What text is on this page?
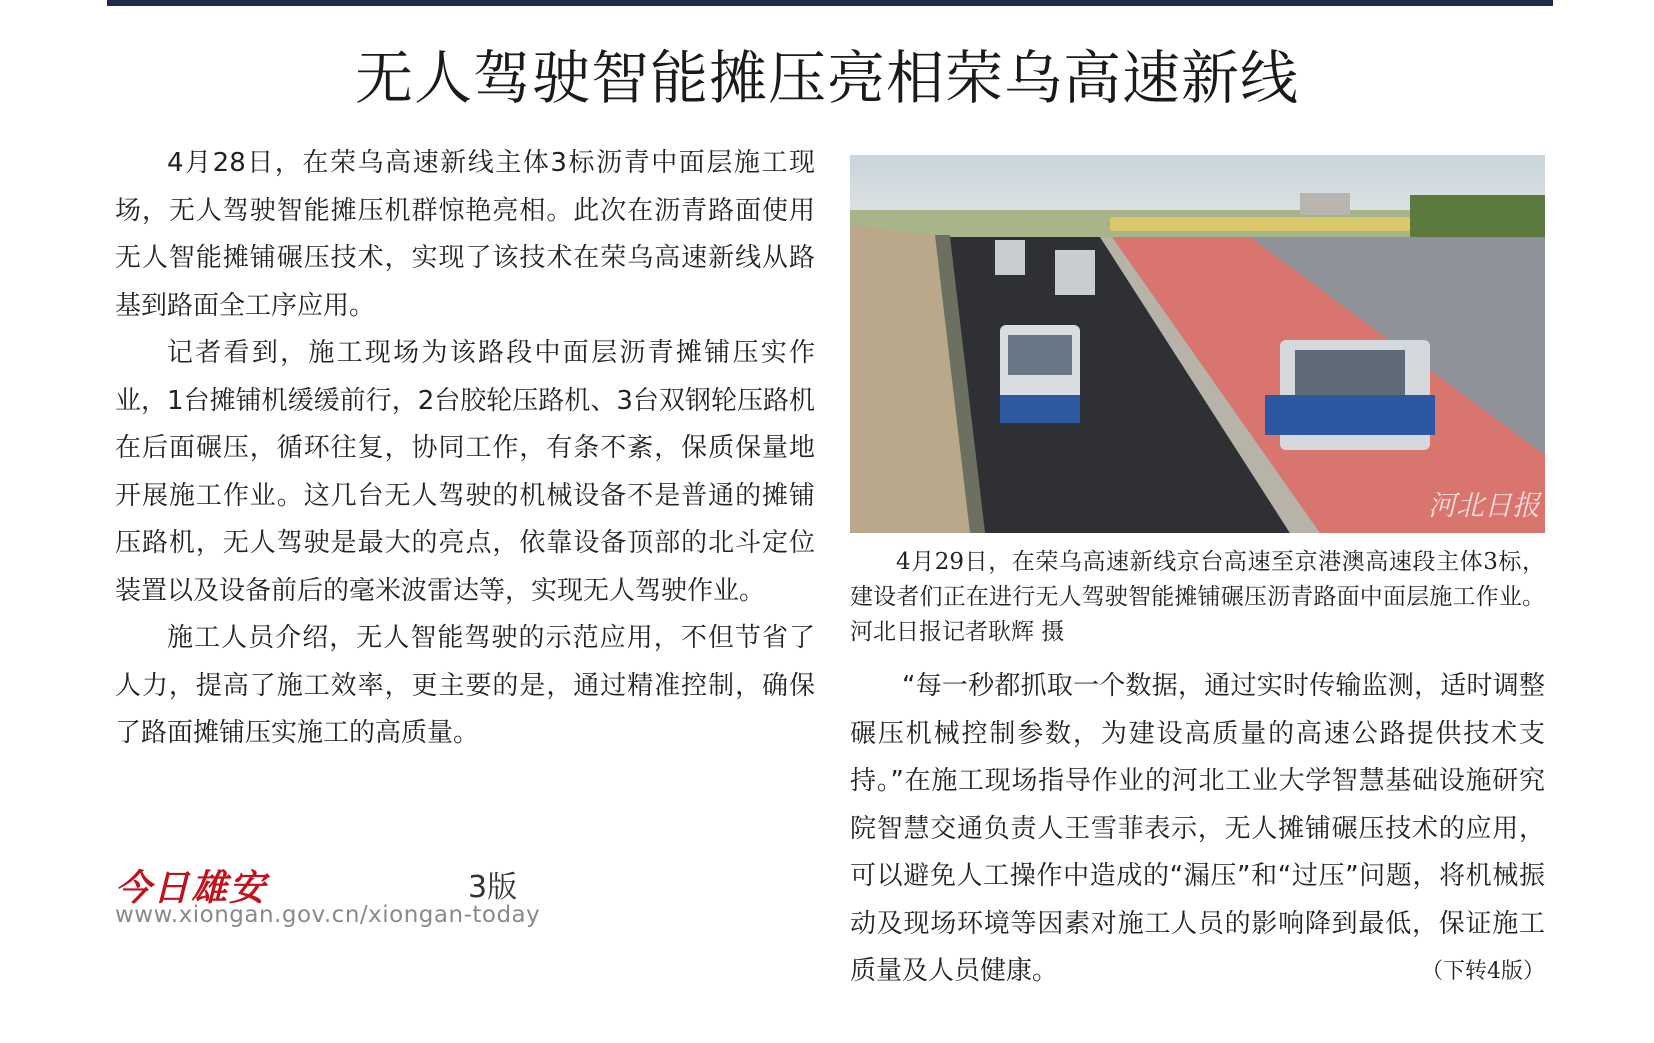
无人驾驶智能摊压亮相荣乌高速新线

4月28日，在荣乌高速新线主体3标沥青中面层施工现场，无人驾驶智能摊压机群惊艳亮相。此次在沥青路面使用无人智能摊铺碾压技术，实现了该技术在荣乌高速新线从路基到路面全工序应用。

记者看到，施工现场为该路段中面层沥青摊铺压实作业，1台摊铺机缓缓前行，2台胶轮压路机、3台双钢轮压路机在后面碾压，循环往复，协同工作，有条不紊，保质保量地开展施工作业。这几台无人驾驶的机械设备不是普通的摊铺压路机，无人驾驶是最大的亮点，依靠设备顶部的北斗定位装置以及设备前后的毫米波雷达等，实现无人驾驶作业。

施工人员介绍，无人智能驾驶的示范应用，不但节省了人力，提高了施工效率，更主要的是，通过精准控制，确保了路面摊铺压实施工的高质量。

河北日报

4月29日，在荣乌高速新线京台高速至京港澳高速段主体3标，建设者们正在进行无人驾驶智能摊铺碾压沥青路面中面层施工作业。河北日报记者耿辉 摄

“每一秒都抓取一个数据，通过实时传输监测，适时调整碾压机械控制参数，为建设高质量的高速公路提供技术支持。”在施工现场指导作业的河北工业大学智慧基础设施研究院智慧交通负责人王雪菲表示，无人摊铺碾压技术的应用，可以避免人工操作中造成的“漏压”和“过压”问题，将机械振动及现场环境等因素对施工人员的影响降到最低，保证施工质量及人员健康。	（下转4版）

今日雄安	3版
www.xiongan.gov.cn/xiongan-today
